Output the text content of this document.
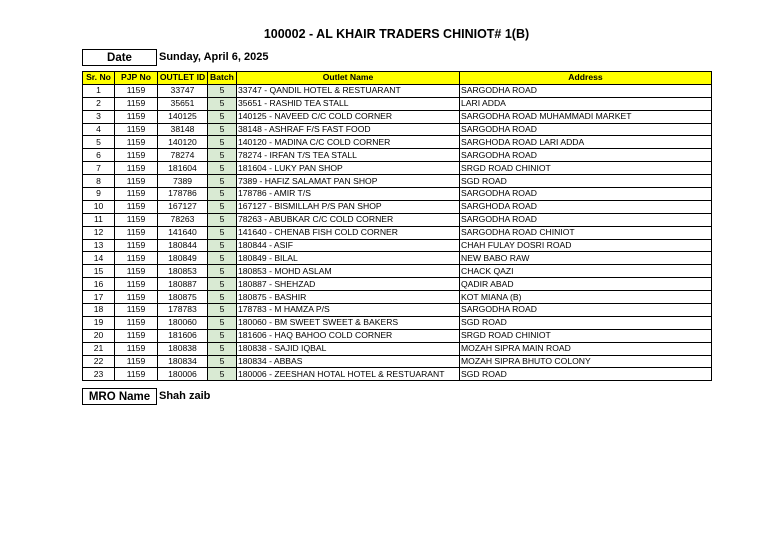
100002 - AL KHAIR TRADERS CHINIOT# 1(B)
Date	Sunday, April 6, 2025
Sr. No	PJP No	OUTLET ID	Batch	Outlet Name	Address
1	1159	33747	5	33747 - QANDIL HOTEL & RESTUARANT	SARGODHA ROAD
2	1159	35651	5	35651 - RASHID TEA STALL	LARI ADDA
3	1159	140125	5	140125 - NAVEED C/C COLD CORNER	SARGODHA ROAD MUHAMMADI MARKET
4	1159	38148	5	38148 - ASHRAF F/S FAST FOOD	SARGODHA ROAD
5	1159	140120	5	140120 - MADINA C/C COLD CORNER	SARGHODA ROAD LARI ADDA
6	1159	78274	5	78274 - IRFAN T/S TEA STALL	SARGODHA ROAD
7	1159	181604	5	181604 - LUKY PAN SHOP	SRGD ROAD CHINIOT
8	1159	7389	5	7389 - HAFIZ SALAMAT PAN SHOP	SGD ROAD
9	1159	178786	5	178786 - AMIR T/S	SARGODHA ROAD
10	1159	167127	5	167127 - BISMILLAH P/S PAN SHOP	SARGHODA ROAD
11	1159	78263	5	78263 - ABUBKAR C/C COLD CORNER	SARGODHA ROAD
12	1159	141640	5	141640 - CHENAB FISH COLD CORNER	SARGODHA ROAD CHINIOT
13	1159	180844	5	180844 - ASIF	CHAH FULAY DOSRI ROAD
14	1159	180849	5	180849 - BILAL	NEW BABO RAW
15	1159	180853	5	180853 - MOHD ASLAM	CHACK QAZI
16	1159	180887	5	180887 - SHEHZAD	QADIR ABAD
17	1159	180875	5	180875 - BASHIR	KOT MIANA (B)
18	1159	178783	5	178783 - M HAMZA P/S	SARGODHA ROAD
19	1159	180060	5	180060 - BM SWEET SWEET & BAKERS	SGD ROAD
20	1159	181606	5	181606 - HAQ BAHOO COLD CORNER	SRGD ROAD CHINIOT
21	1159	180838	5	180838 - SAJID IQBAL	MOZAH SIPRA MAIN ROAD
22	1159	180834	5	180834 - ABBAS	MOZAH SIPRA BHUTO COLONY
23	1159	180006	5	180006 - ZEESHAN HOTAL HOTEL & RESTUARANT	SGD ROAD
MRO Name Shah zaib
